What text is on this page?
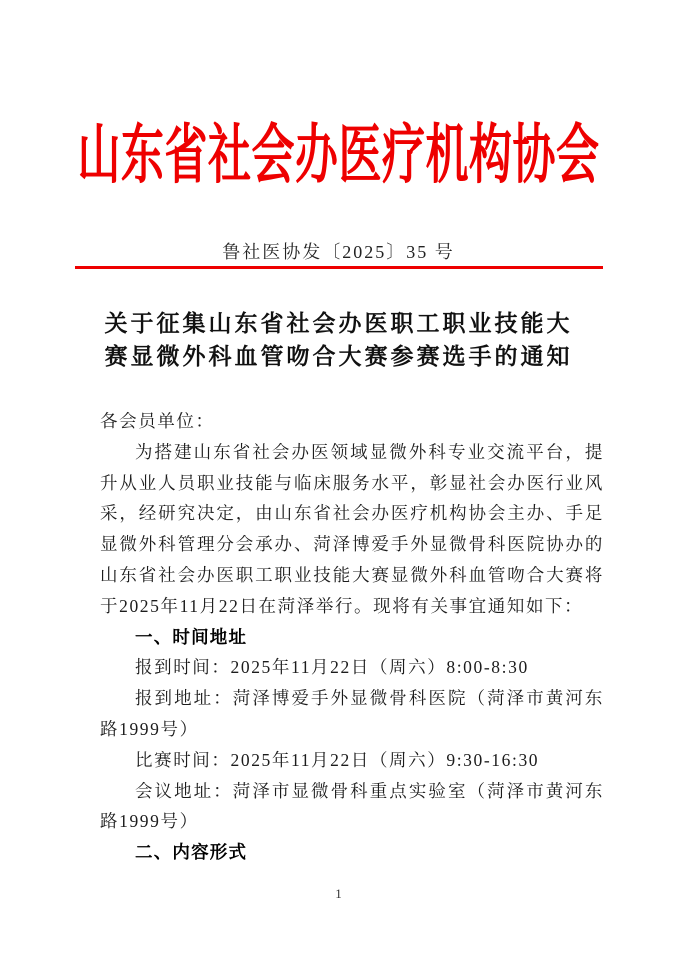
山东省社会办医疗机构协会
鲁社医协发〔2025〕35 号
关于征集山东省社会办医职工职业技能大
赛显微外科血管吻合大赛参赛选手的通知

各会员单位：

为搭建山东省社会办医领域显微外科专业交流平台，提升从业人员职业技能与临床服务水平，彰显社会办医行业风采，经研究决定，由山东省社会办医疗机构协会主办、手足显微外科管理分会承办、菏泽博爱手外显微骨科医院协办的山东省社会办医职工职业技能大赛显微外科血管吻合大赛将于2025年11月22日在菏泽举行。现将有关事宜通知如下：

一、时间地址

报到时间：2025年11月22日（周六）8:00-8:30

报到地址：菏泽博爱手外显微骨科医院（菏泽市黄河东路1999号）

比赛时间：2025年11月22日（周六）9:30-16:30

会议地址：菏泽市显微骨科重点实验室（菏泽市黄河东路1999号）

二、内容形式

1
